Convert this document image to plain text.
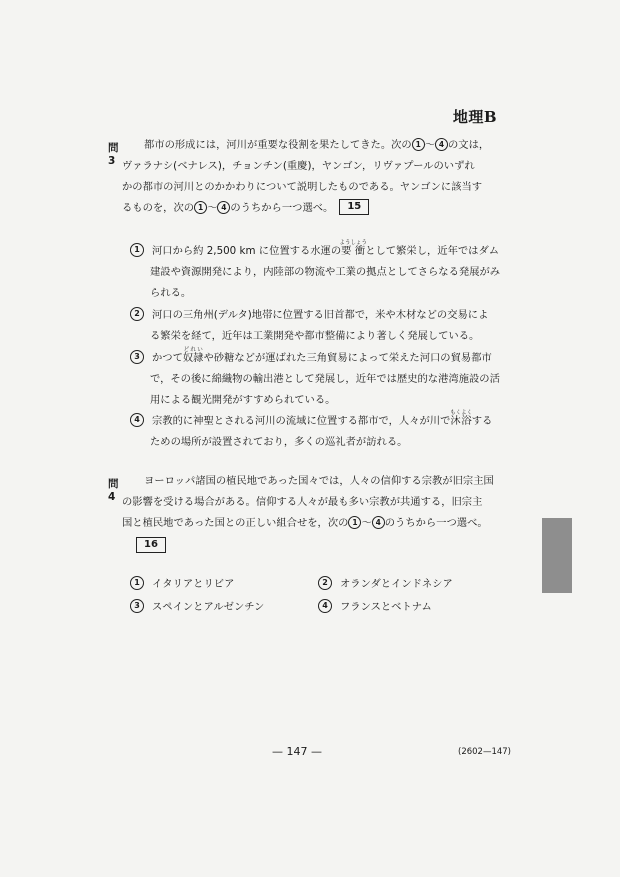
地理B
問 3
都市の形成には，河川が重要な役割を果たしてきた。次の 1 ～ 4 の文は，
ヴァラナシ(ベナレス)，チョンチン(重慶)，ヤンゴン，リヴァプールのいずれ
かの都市の河川とのかかわりについて説明したものである。ヤンゴンに該当す
るものを，次の 1 ～ 4 のうちから一つ選べ。 15
1 河口から約 2,500 km に位置する水運の要衝ようしょうとして繁栄し，近年ではダム
建設や資源開発により，内陸部の物流や工業の拠点としてさらなる発展がみ
られる。
2 河口の三角州(デルタ)地帯に位置する旧首都で，米や木材などの交易によ
る繁栄を経て，近年は工業開発や都市整備により著しく発展している。
3 かつて奴隷どれいや砂糖などが運ばれた三角貿易によって栄えた河口の貿易都市
で，その後に綿織物の輸出港として発展し，近年では歴史的な港湾施設の活
用による観光開発がすすめられている。
4 宗教的に神聖とされる河川の流域に位置する都市で，人々が川で沐浴もくよくする
ための場所が設置されており，多くの巡礼者が訪れる。
問 4
ヨーロッパ諸国の植民地であった国々では，人々の信仰する宗教が旧宗主国
の影響を受ける場合がある。信仰する人々が最も多い宗教が共通する，旧宗主
国と植民地であった国との正しい組合せを，次の 1 ～ 4 のうちから一つ選べ。
16
1 イタリアとリビア	2 オランダとインドネシア
3 スペインとアルゼンチン	4 フランスとベトナム
— 147 —	(2602—147)
